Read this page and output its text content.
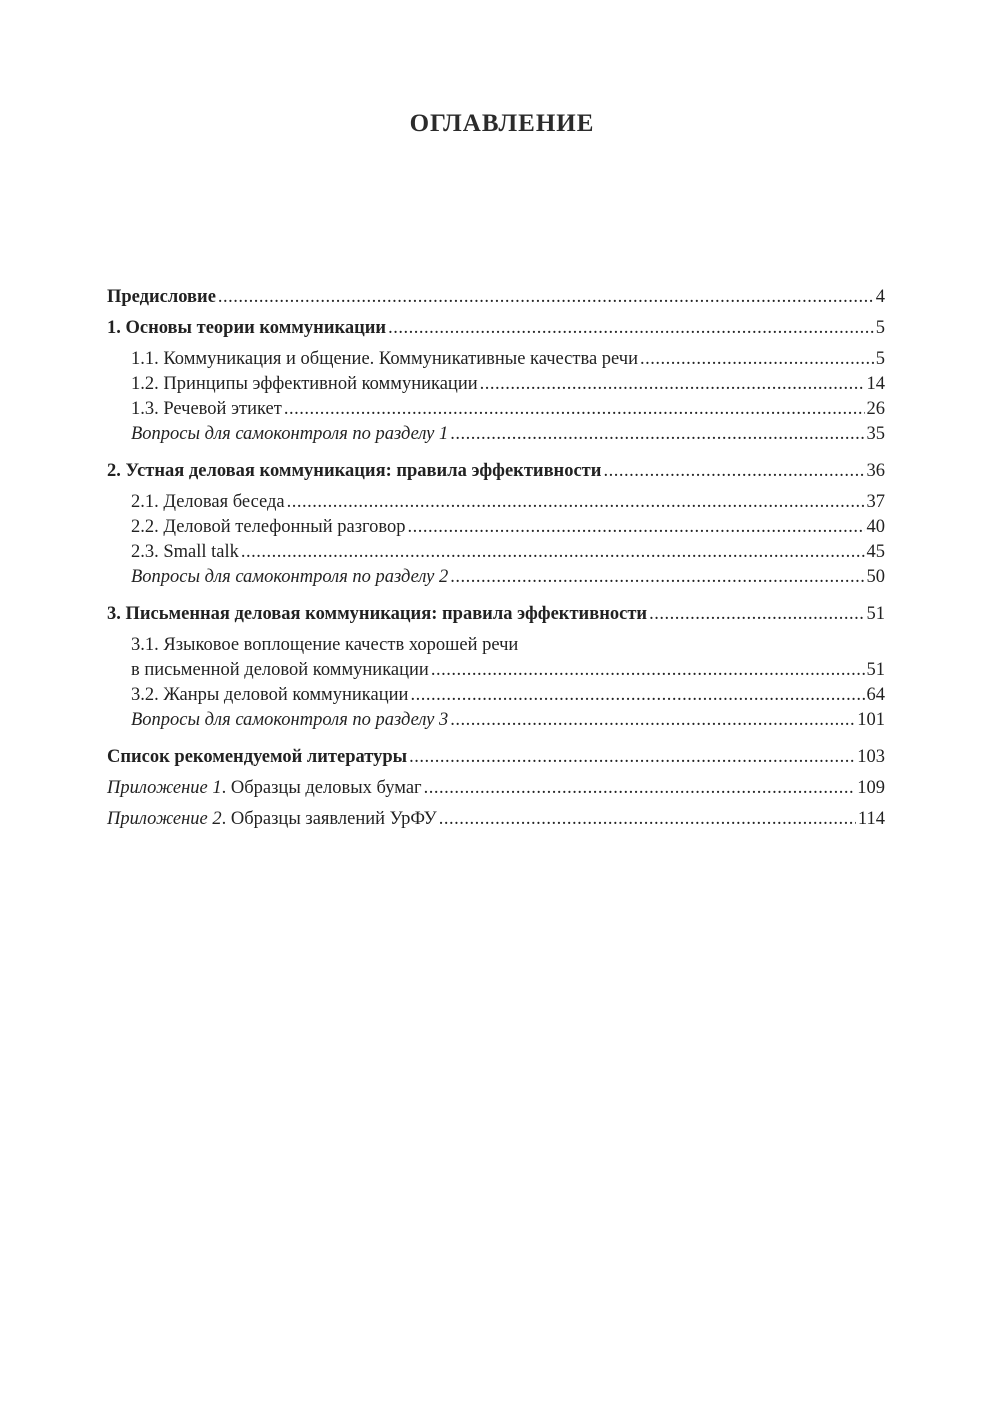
ОГЛАВЛЕНИЕ
Предисловие .....	4
1. Основы теории коммуникации .....	5
1.1. Коммуникация и общение. Коммуникативные качества речи .....	5
1.2. Принципы эффективной коммуникации .....	14
1.3. Речевой этикет .....	26
Вопросы для самоконтроля по разделу 1 .....	35
2. Устная деловая коммуникация: правила эффективности .....	36
2.1. Деловая беседа .....	37
2.2. Деловой телефонный разговор .....	40
2.3. Small talk .....	45
Вопросы для самоконтроля по разделу 2 .....	50
3. Письменная деловая коммуникация: правила эффективности .....	51
3.1. Языковое воплощение качеств хорошей речи
в письменной деловой коммуникации .....	51
3.2. Жанры деловой коммуникации .....	64
Вопросы для самоконтроля по разделу 3 .....	101
Список рекомендуемой литературы .....	103
Приложение 1. Образцы деловых бумаг .....	109
Приложение 2. Образцы заявлений УрФУ .....	114
